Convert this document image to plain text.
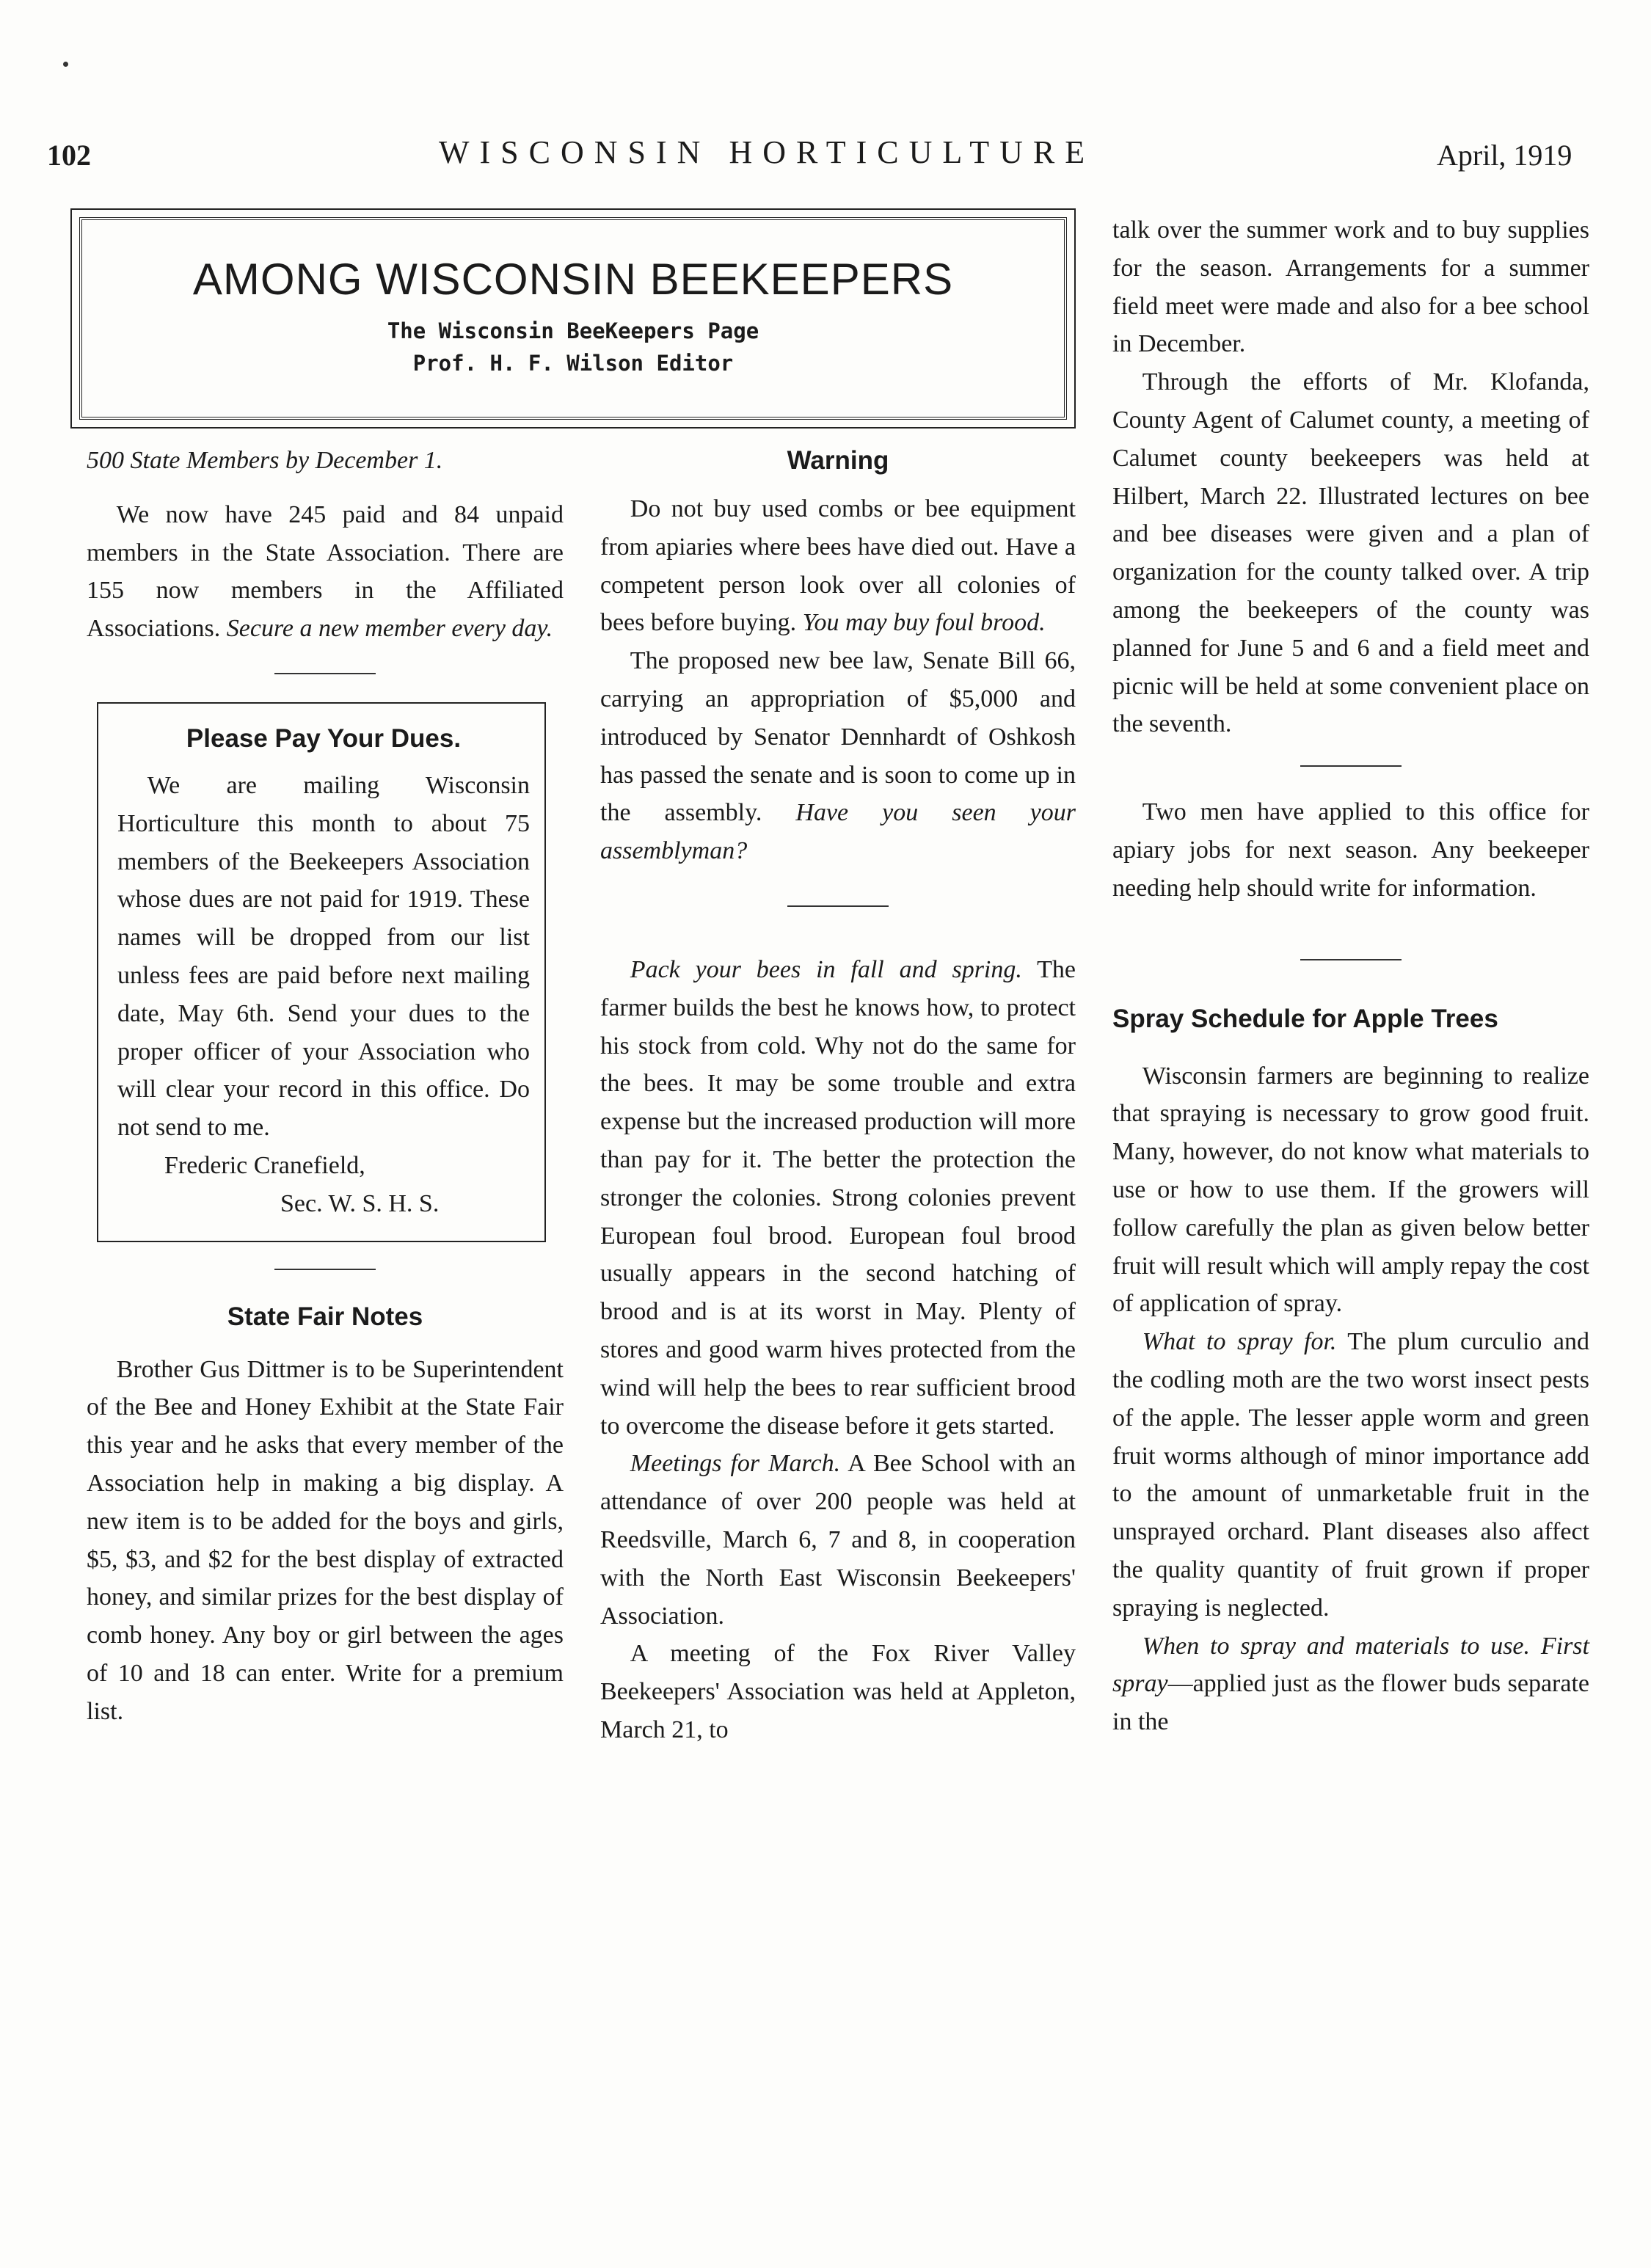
102	WISCONSIN HORTICULTURE	April, 1919
AMONG WISCONSIN BEEKEEPERS
The Wisconsin BeeKeepers Page
Prof. H. F. Wilson Editor

500 State Members by December 1.

We now have 245 paid and 84 unpaid members in the State Association. There are 155 now members in the Affiliated Associations. Secure a new member every day.

Please Pay Your Dues.

We are mailing Wisconsin Horticulture this month to about 75 members of the Beekeepers Association whose dues are not paid for 1919. These names will be dropped from our list unless fees are paid before next mailing date, May 6th. Send your dues to the proper officer of your Association who will clear your record in this office. Do not send to me.

Frederic Cranefield,

Sec. W. S. H. S.

State Fair Notes

Brother Gus Dittmer is to be Superintendent of the Bee and Honey Exhibit at the State Fair this year and he asks that every member of the Association help in making a big display. A new item is to be added for the boys and girls, $5, $3, and $2 for the best display of extracted honey, and similar prizes for the best display of comb honey. Any boy or girl between the ages of 10 and 18 can enter. Write for a premium list.

Warning

Do not buy used combs or bee equipment from apiaries where bees have died out. Have a competent person look over all colonies of bees before buying. You may buy foul brood.

The proposed new bee law, Senate Bill 66, carrying an appropriation of $5,000 and introduced by Senator Dennhardt of Oshkosh has passed the senate and is soon to come up in the assembly. Have you seen your assemblyman?

Pack your bees in fall and spring. The farmer builds the best he knows how, to protect his stock from cold. Why not do the same for the bees. It may be some trouble and extra expense but the increased production will more than pay for it. The better the protection the stronger the colonies. Strong colonies prevent European foul brood. European foul brood usually appears in the second hatching of brood and is at its worst in May. Plenty of stores and good warm hives protected from the wind will help the bees to rear sufficient brood to overcome the disease before it gets started.

Meetings for March. A Bee School with an attendance of over 200 people was held at Reedsville, March 6, 7 and 8, in cooperation with the North East Wisconsin Beekeepers' Association.

A meeting of the Fox River Valley Beekeepers' Association was held at Appleton, March 21, to

talk over the summer work and to buy supplies for the season. Arrangements for a summer field meet were made and also for a bee school in December.

Through the efforts of Mr. Klofanda, County Agent of Calumet county, a meeting of Calumet county beekeepers was held at Hilbert, March 22. Illustrated lectures on bee and bee diseases were given and a plan of organization for the county talked over. A trip among the beekeepers of the county was planned for June 5 and 6 and a field meet and picnic will be held at some convenient place on the seventh.

Two men have applied to this office for apiary jobs for next season. Any beekeeper needing help should write for information.

Spray Schedule for Apple Trees

Wisconsin farmers are beginning to realize that spraying is necessary to grow good fruit. Many, however, do not know what materials to use or how to use them. If the growers will follow carefully the plan as given below better fruit will result which will amply repay the cost of application of spray.

What to spray for. The plum curculio and the codling moth are the two worst insect pests of the apple. The lesser apple worm and green fruit worms although of minor importance add to the amount of unmarketable fruit in the unsprayed orchard. Plant diseases also affect the quality quantity of fruit grown if proper spraying is neglected.

When to spray and materials to use. First spray—applied just as the flower buds separate in the
